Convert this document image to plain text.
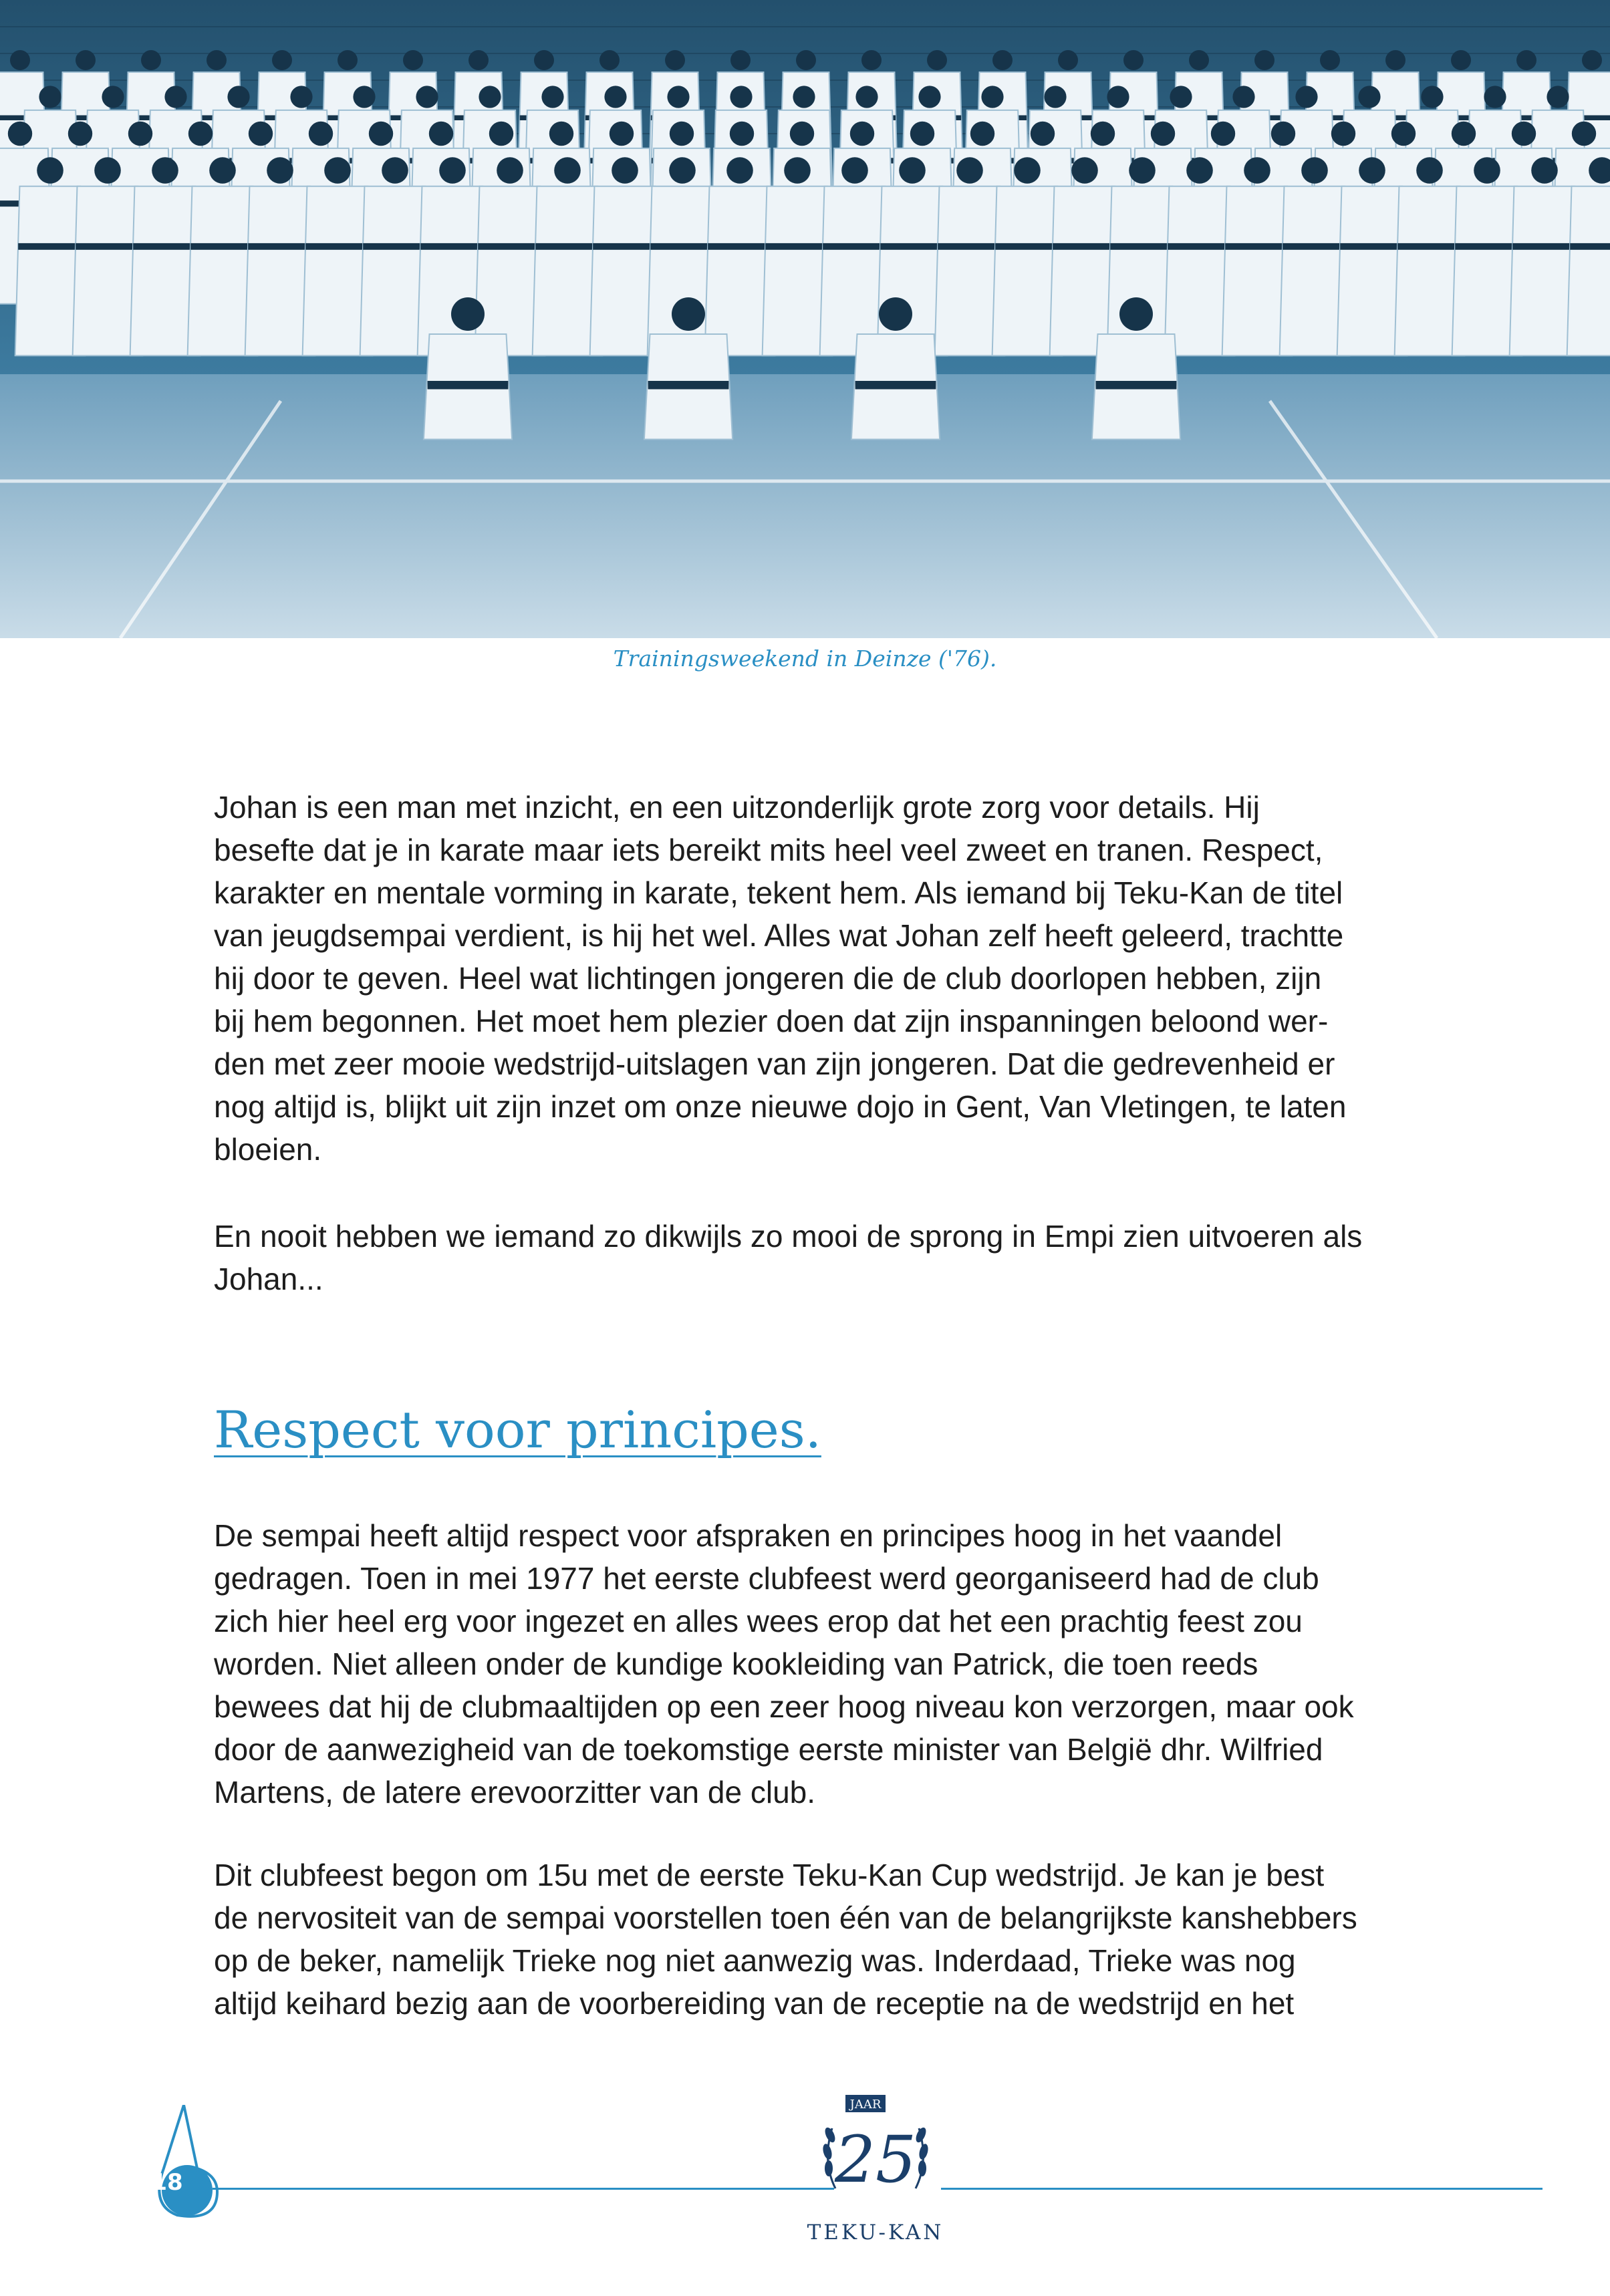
Trainingsweekend in Deinze ('76).

Johan is een man met inzicht, en een uitzonderlijk grote zorg voor details. Hij
besefte dat je in karate maar iets bereikt mits heel veel zweet en tranen. Respect,
karakter en mentale vorming in karate, tekent hem. Als iemand bij Teku-Kan de titel
van jeugdsempai verdient, is hij het wel. Alles wat Johan zelf heeft geleerd, trachtte
hij door te geven. Heel wat lichtingen jongeren die de club doorlopen hebben, zijn
bij hem begonnen. Het moet hem plezier doen dat zijn inspanningen beloond wer-
den met zeer mooie wedstrijd-uitslagen van zijn jongeren. Dat die gedrevenheid er
nog altijd is, blijkt uit zijn inzet om onze nieuwe dojo in Gent, Van Vletingen, te laten
bloeien.

En nooit hebben we iemand zo dikwijls zo mooi de sprong in Empi zien uitvoeren als
Johan...

Respect voor principes.

De sempai heeft altijd respect voor afspraken en principes hoog in het vaandel
gedragen. Toen in mei 1977 het eerste clubfeest werd georganiseerd had de club
zich hier heel erg voor ingezet en alles wees erop dat het een prachtig feest zou
worden. Niet alleen onder de kundige kookleiding van Patrick, die toen reeds
bewees dat hij de clubmaaltijden op een zeer hoog niveau kon verzorgen, maar ook
door de aanwezigheid van de toekomstige eerste minister van België dhr. Wilfried
Martens, de latere erevoorzitter van de club.

Dit clubfeest begon om 15u met de eerste Teku-Kan Cup wedstrijd. Je kan je best
de nervositeit van de sempai voorstellen toen één van de belangrijkste kanshebbers
op de beker, namelijk Trieke nog niet aanwezig was. Inderdaad, Trieke was nog
altijd keihard bezig aan de voorbereiding van de receptie na de wedstrijd en het

18
JAAR
25
TEKU-KAN
